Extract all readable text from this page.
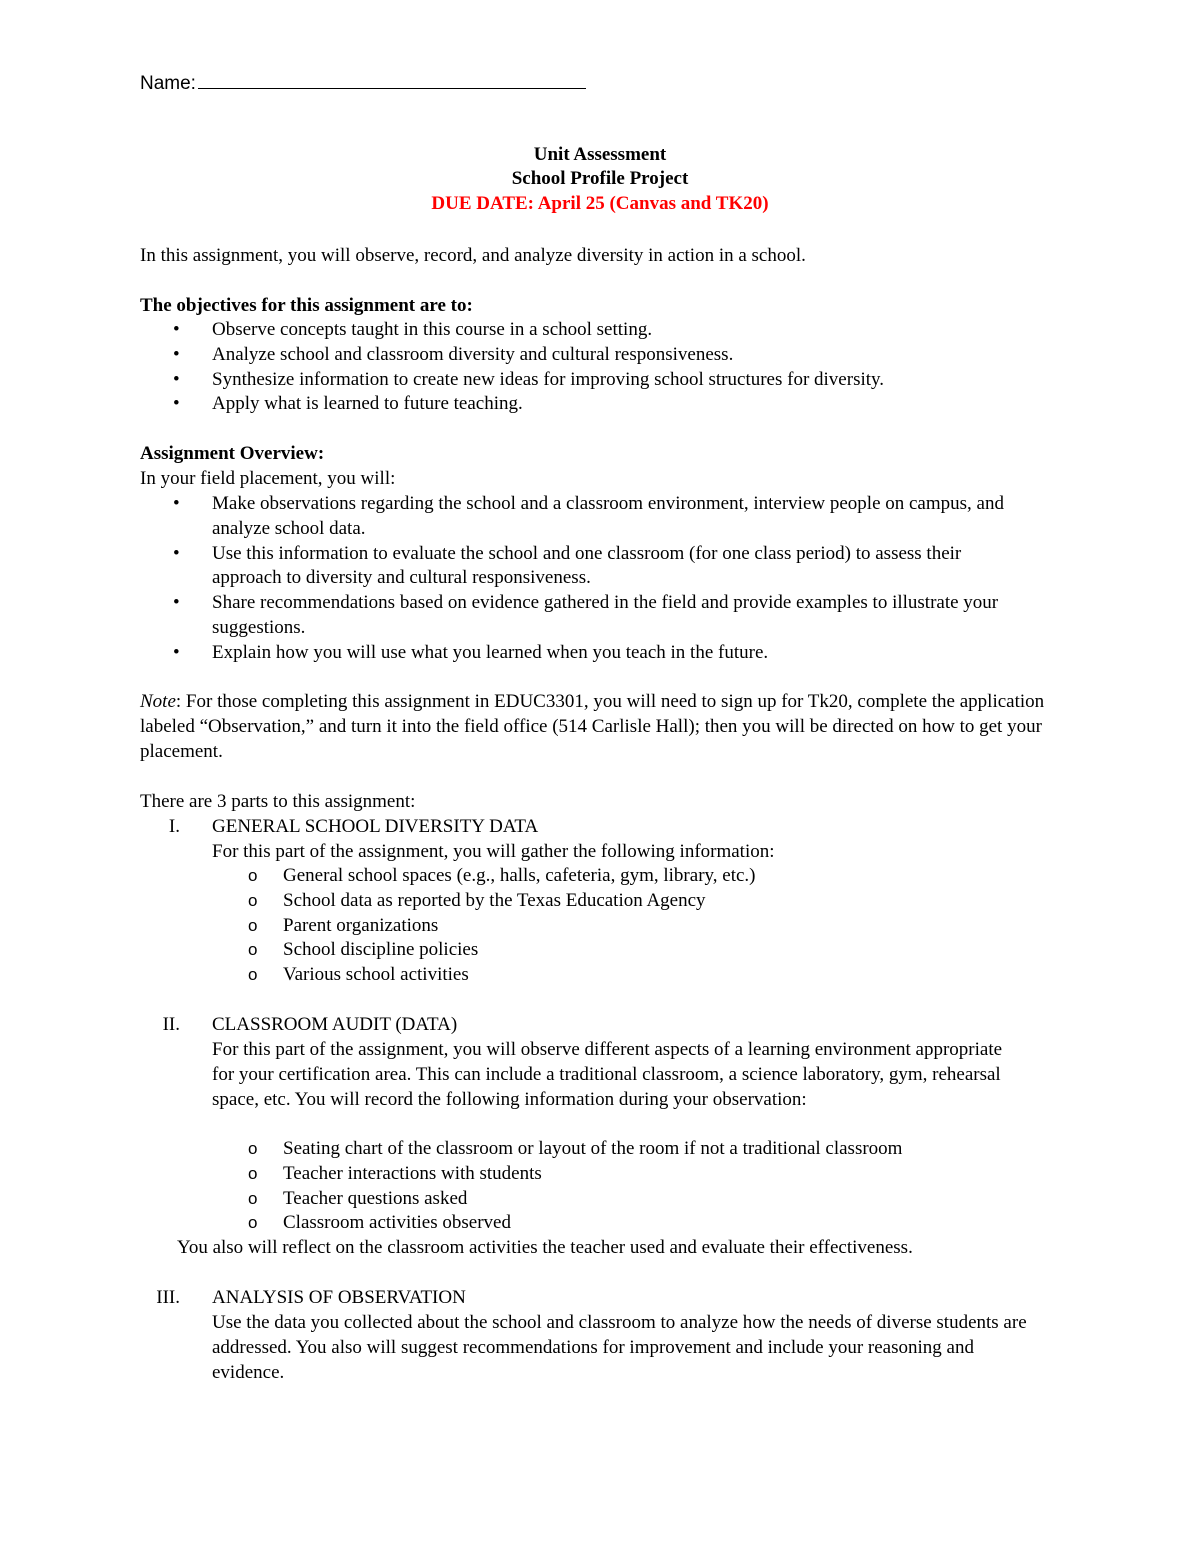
Name:
Unit Assessment
School Profile Project
DUE DATE: April 25 (Canvas and TK20)
In this assignment, you will observe, record, and analyze diversity in action in a school.
The objectives for this assignment are to:
• Observe concepts taught in this course in a school setting.
• Analyze school and classroom diversity and cultural responsiveness.
• Synthesize information to create new ideas for improving school structures for diversity.
• Apply what is learned to future teaching.
Assignment Overview:
In your field placement, you will:
• Make observations regarding the school and a classroom environment, interview people on campus, and analyze school data.
• Use this information to evaluate the school and one classroom (for one class period) to assess their approach to diversity and cultural responsiveness.
• Share recommendations based on evidence gathered in the field and provide examples to illustrate your suggestions.
• Explain how you will use what you learned when you teach in the future.
Note: For those completing this assignment in EDUC3301, you will need to sign up for Tk20, complete the application labeled “Observation,” and turn it into the field office (514 Carlisle Hall); then you will be directed on how to get your placement.
There are 3 parts to this assignment:
I. GENERAL SCHOOL DIVERSITY DATA
For this part of the assignment, you will gather the following information:
o General school spaces (e.g., halls, cafeteria, gym, library, etc.)
o School data as reported by the Texas Education Agency
o Parent organizations
o School discipline policies
o Various school activities
II. CLASSROOM AUDIT (DATA)
For this part of the assignment, you will observe different aspects of a learning environment appropriate for your certification area. This can include a traditional classroom, a science laboratory, gym, rehearsal space, etc. You will record the following information during your observation:
o Seating chart of the classroom or layout of the room if not a traditional classroom
o Teacher interactions with students
o Teacher questions asked
o Classroom activities observed
You also will reflect on the classroom activities the teacher used and evaluate their effectiveness.
III. ANALYSIS OF OBSERVATION
Use the data you collected about the school and classroom to analyze how the needs of diverse students are addressed. You also will suggest recommendations for improvement and include your reasoning and evidence.
